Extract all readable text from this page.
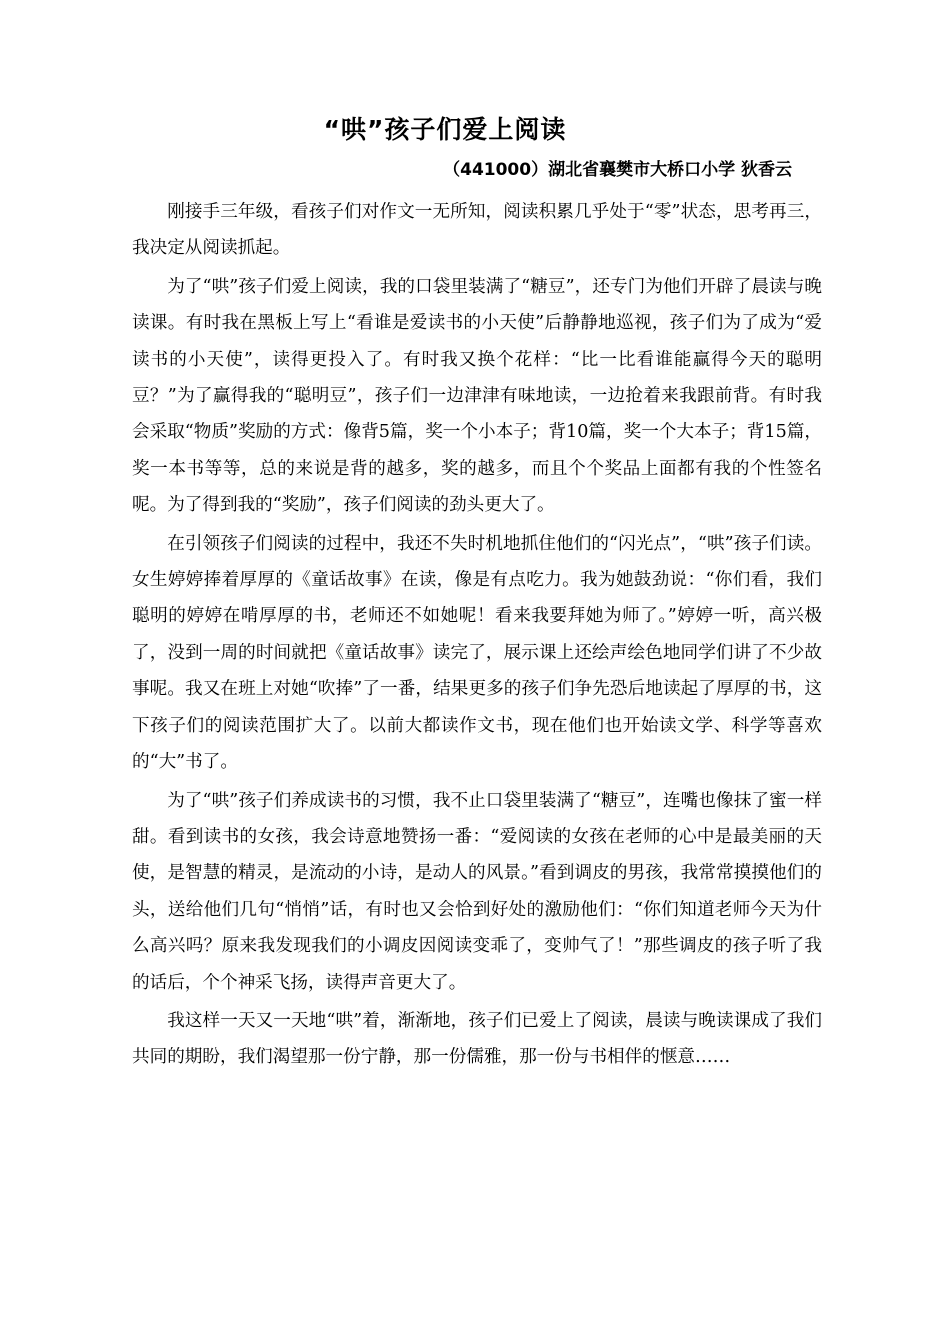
“哄”孩子们爱上阅读
（441000）湖北省襄樊市大桥口小学 狄香云

刚接手三年级，看孩子们对作文一无所知，阅读积累几乎处于“零”状态，思考再三，我决定从阅读抓起。

为了“哄”孩子们爱上阅读，我的口袋里装满了“糖豆”，还专门为他们开辟了晨读与晚读课。有时我在黑板上写上“看谁是爱读书的小天使”后静静地巡视，孩子们为了成为“爱读书的小天使”，读得更投入了。有时我又换个花样：“比一比看谁能赢得今天的聪明豆？”为了赢得我的“聪明豆”，孩子们一边津津有味地读，一边抢着来我跟前背。有时我会采取“物质”奖励的方式：像背5篇，奖一个小本子；背10篇，奖一个大本子；背15篇，奖一本书等等，总的来说是背的越多，奖的越多，而且个个奖品上面都有我的个性签名呢。为了得到我的“奖励”，孩子们阅读的劲头更大了。

在引领孩子们阅读的过程中，我还不失时机地抓住他们的“闪光点”，“哄”孩子们读。女生婷婷捧着厚厚的《童话故事》在读，像是有点吃力。我为她鼓劲说：“你们看，我们聪明的婷婷在啃厚厚的书，老师还不如她呢！看来我要拜她为师了。”婷婷一听，高兴极了，没到一周的时间就把《童话故事》读完了，展示课上还绘声绘色地同学们讲了不少故事呢。我又在班上对她“吹捧”了一番，结果更多的孩子们争先恐后地读起了厚厚的书，这下孩子们的阅读范围扩大了。以前大都读作文书，现在他们也开始读文学、科学等喜欢的“大”书了。

为了“哄”孩子们养成读书的习惯，我不止口袋里装满了“糖豆”，连嘴也像抹了蜜一样甜。看到读书的女孩，我会诗意地赞扬一番：“爱阅读的女孩在老师的心中是最美丽的天使，是智慧的精灵，是流动的小诗，是动人的风景。”看到调皮的男孩，我常常摸摸他们的头，送给他们几句“悄悄”话，有时也又会恰到好处的激励他们：“你们知道老师今天为什么高兴吗？原来我发现我们的小调皮因阅读变乖了，变帅气了！”那些调皮的孩子听了我的话后，个个神采飞扬，读得声音更大了。

我这样一天又一天地“哄”着，渐渐地，孩子们已爱上了阅读，晨读与晚读课成了我们共同的期盼，我们渴望那一份宁静，那一份儒雅，那一份与书相伴的惬意……
